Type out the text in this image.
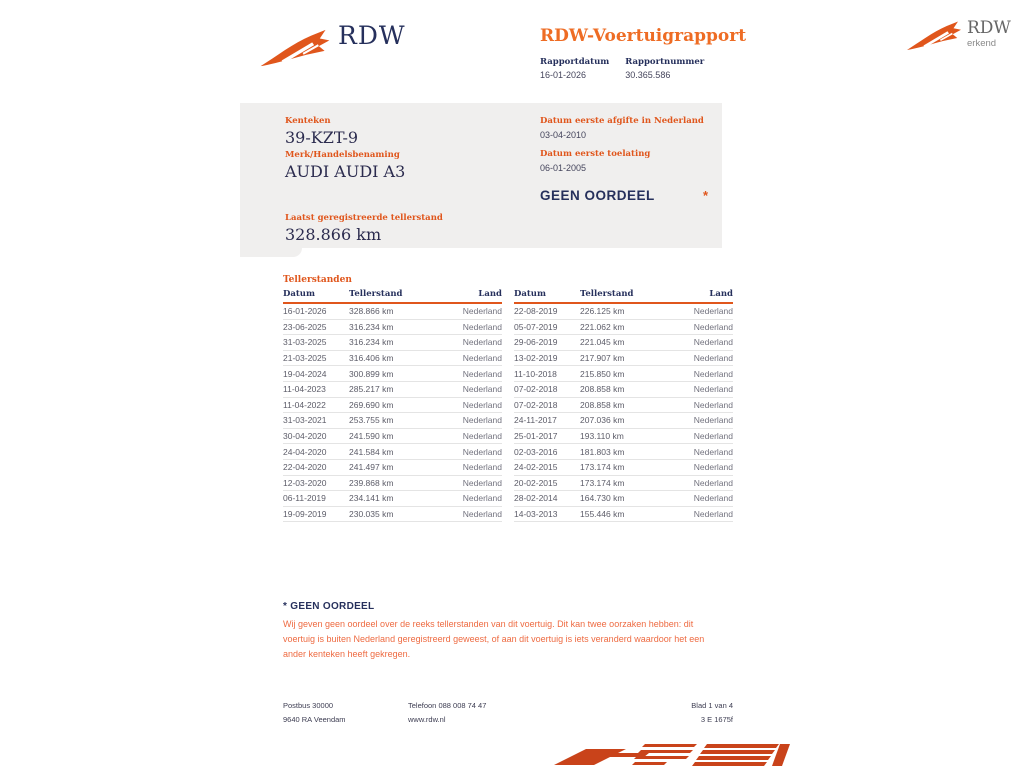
RDW	RDW-Voertuigrapport
Rapportdatum
16-01-2026
Rapportnummer
30.365.586
RDW
erkend
Kenteken
39-KZT-9
Merk/Handelsbenaming
AUDI AUDI A3
Laatst geregistreerde tellerstand
328.866 km
Datum eerste afgifte in Nederland
03-04-2010
Datum eerste toelating
06-01-2005
GEEN OORDEEL	*
Tellerstanden
Datum	Tellerstand	Land
16-01-2026	328.866 km	Nederland
23-06-2025	316.234 km	Nederland
31-03-2025	316.234 km	Nederland
21-03-2025	316.406 km	Nederland
19-04-2024	300.899 km	Nederland
11-04-2023	285.217 km	Nederland
11-04-2022	269.690 km	Nederland
31-03-2021	253.755 km	Nederland
30-04-2020	241.590 km	Nederland
24-04-2020	241.584 km	Nederland
22-04-2020	241.497 km	Nederland
12-03-2020	239.868 km	Nederland
06-11-2019	234.141 km	Nederland
19-09-2019	230.035 km	Nederland
Datum	Tellerstand	Land
22-08-2019	226.125 km	Nederland
05-07-2019	221.062 km	Nederland
29-06-2019	221.045 km	Nederland
13-02-2019	217.907 km	Nederland
11-10-2018	215.850 km	Nederland
07-02-2018	208.858 km	Nederland
07-02-2018	208.858 km	Nederland
24-11-2017	207.036 km	Nederland
25-01-2017	193.110 km	Nederland
02-03-2016	181.803 km	Nederland
24-02-2015	173.174 km	Nederland
20-02-2015	173.174 km	Nederland
28-02-2014	164.730 km	Nederland
14-03-2013	155.446 km	Nederland
* GEEN OORDEEL
Wij geven geen oordeel over de reeks tellerstanden van dit voertuig. Dit kan twee oorzaken hebben: dit voertuig is buiten Nederland geregistreerd geweest, of aan dit voertuig is iets veranderd waardoor het een ander kenteken heeft gekregen.
Postbus 30000
9640 RA Veendam
Telefoon 088 008 74 47
www.rdw.nl
Blad 1 van 4
3 E 1675f
